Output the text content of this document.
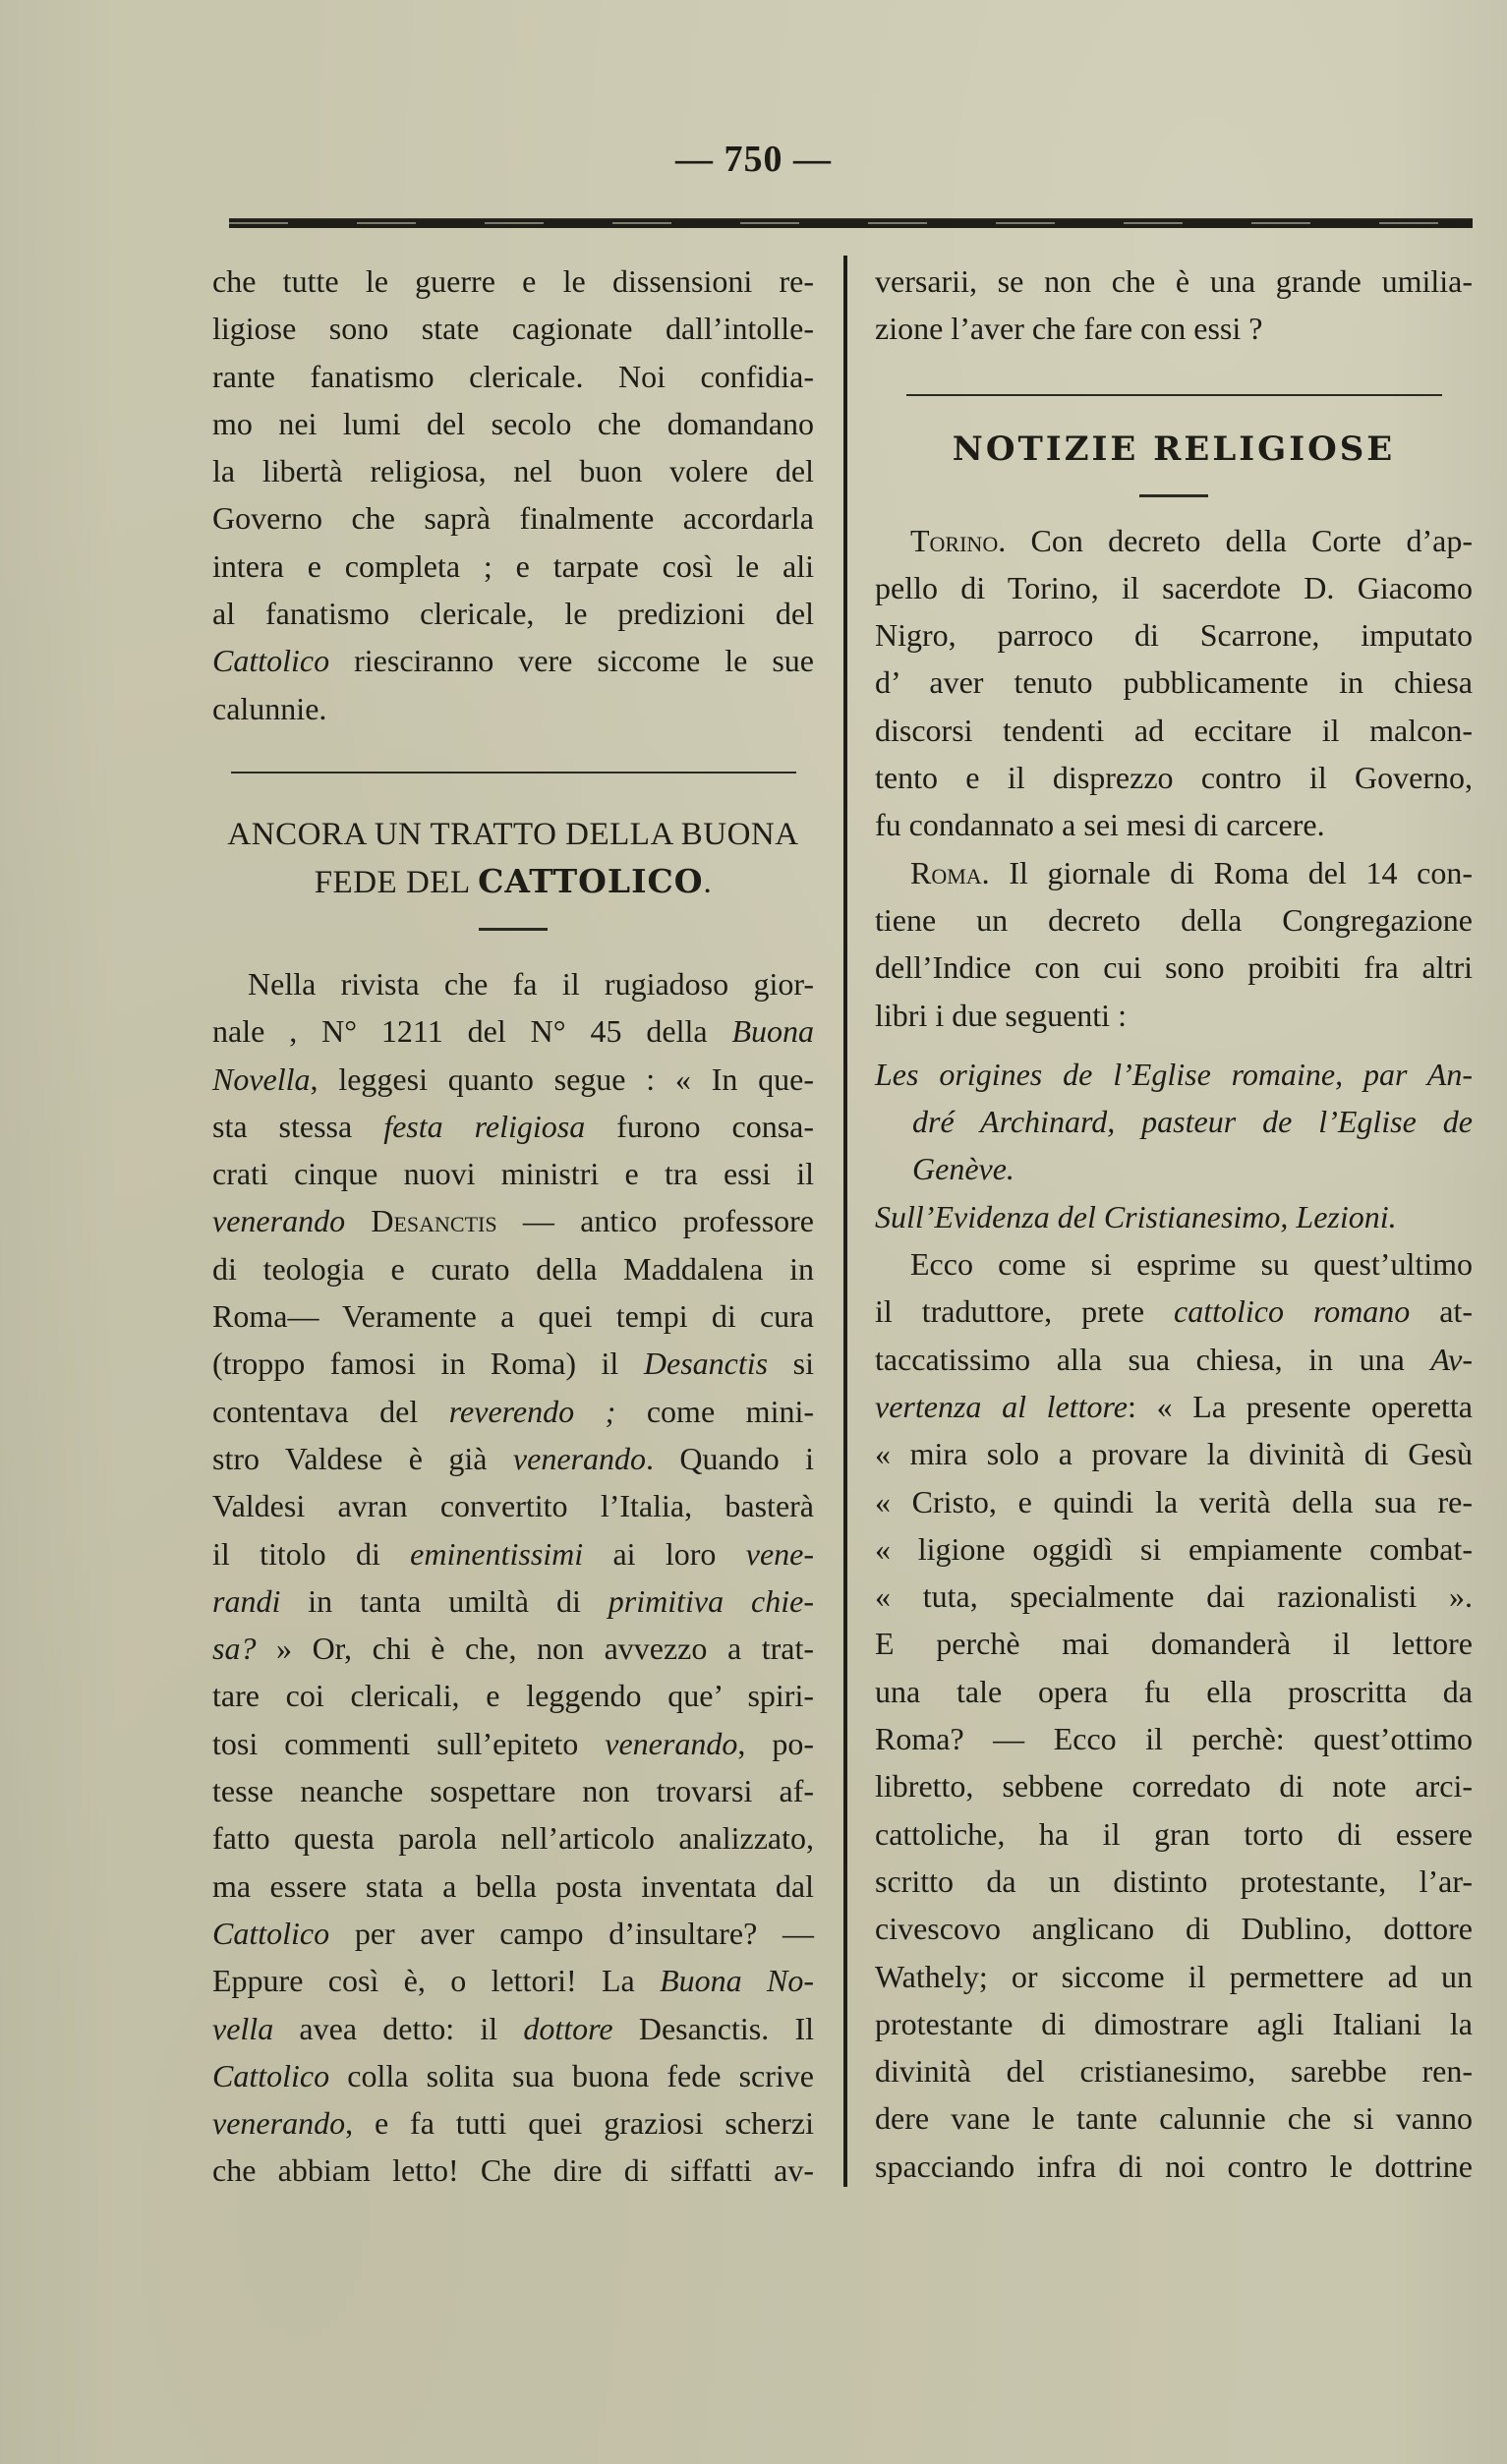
— 750 —
che tutte le guerre e le dissensioni re-
ligiose sono state cagionate dall’intolle-
rante fanatismo clericale. Noi confidia-
mo nei lumi del secolo che domandano
la libertà religiosa, nel buon volere del
Governo che saprà finalmente accordarla
intera e completa ; e tarpate così le ali
al fanatismo clericale, le predizioni del
Cattolico riesciranno vere siccome le sue
calunnie.
ANCORA UN TRATTO DELLA BUONA
FEDE DEL CATTOLICO.
Nella rivista che fa il rugiadoso gior-
nale , N° 1211 del N° 45 della Buona
Novella, leggesi quanto segue : « In que-
sta stessa festa religiosa furono consa-
crati cinque nuovi ministri e tra essi il
venerando Desanctis — antico professore
di teologia e curato della Maddalena in
Roma— Veramente a quei tempi di cura
(troppo famosi in Roma) il Desanctis si
contentava del reverendo ; come mini-
stro Valdese è già venerando. Quando i
Valdesi avran convertito l’Italia, basterà
il titolo di eminentissimi ai loro vene-
randi in tanta umiltà di primitiva chie-
sa? » Or, chi è che, non avvezzo a trat-
tare coi clericali, e leggendo que’ spiri-
tosi commenti sull’epiteto venerando, po-
tesse neanche sospettare non trovarsi af-
fatto questa parola nell’articolo analizzato,
ma essere stata a bella posta inventata dal
Cattolico per aver campo d’insultare? —
Eppure così è, o lettori! La Buona No-
vella avea detto: il dottore Desanctis. Il
Cattolico colla solita sua buona fede scrive
venerando, e fa tutti quei graziosi scherzi
che abbiam letto! Che dire di siffatti av-
versarii, se non che è una grande umilia-
zione l’aver che fare con essi ?
NOTIZIE RELIGIOSE
Torino. Con decreto della Corte d’ap-
pello di Torino, il sacerdote D. Giacomo
Nigro, parroco di Scarrone, imputato
d’ aver tenuto pubblicamente in chiesa
discorsi tendenti ad eccitare il malcon-
tento e il disprezzo contro il Governo,
fu condannato a sei mesi di carcere.
Roma. Il giornale di Roma del 14 con-
tiene un decreto della Congregazione
dell’Indice con cui sono proibiti fra altri
libri i due seguenti :
Les origines de l’Eglise romaine, par An-
dré Archinard, pasteur de l’Eglise de
Genève.
Sull’Evidenza del Cristianesimo, Lezioni.
Ecco come si esprime su quest’ultimo
il traduttore, prete cattolico romano at-
taccatissimo alla sua chiesa, in una Av-
vertenza al lettore: « La presente operetta
« mira solo a provare la divinità di Gesù
« Cristo, e quindi la verità della sua re-
« ligione oggidì si empiamente combat-
« tuta, specialmente dai razionalisti ».
E perchè mai domanderà il lettore
una tale opera fu ella proscritta da
Roma? — Ecco il perchè: quest’ottimo
libretto, sebbene corredato di note arci-
cattoliche, ha il gran torto di essere
scritto da un distinto protestante, l’ar-
civescovo anglicano di Dublino, dottore
Wathely; or siccome il permettere ad un
protestante di dimostrare agli Italiani la
divinità del cristianesimo, sarebbe ren-
dere vane le tante calunnie che si vanno
spacciando infra di noi contro le dottrine
